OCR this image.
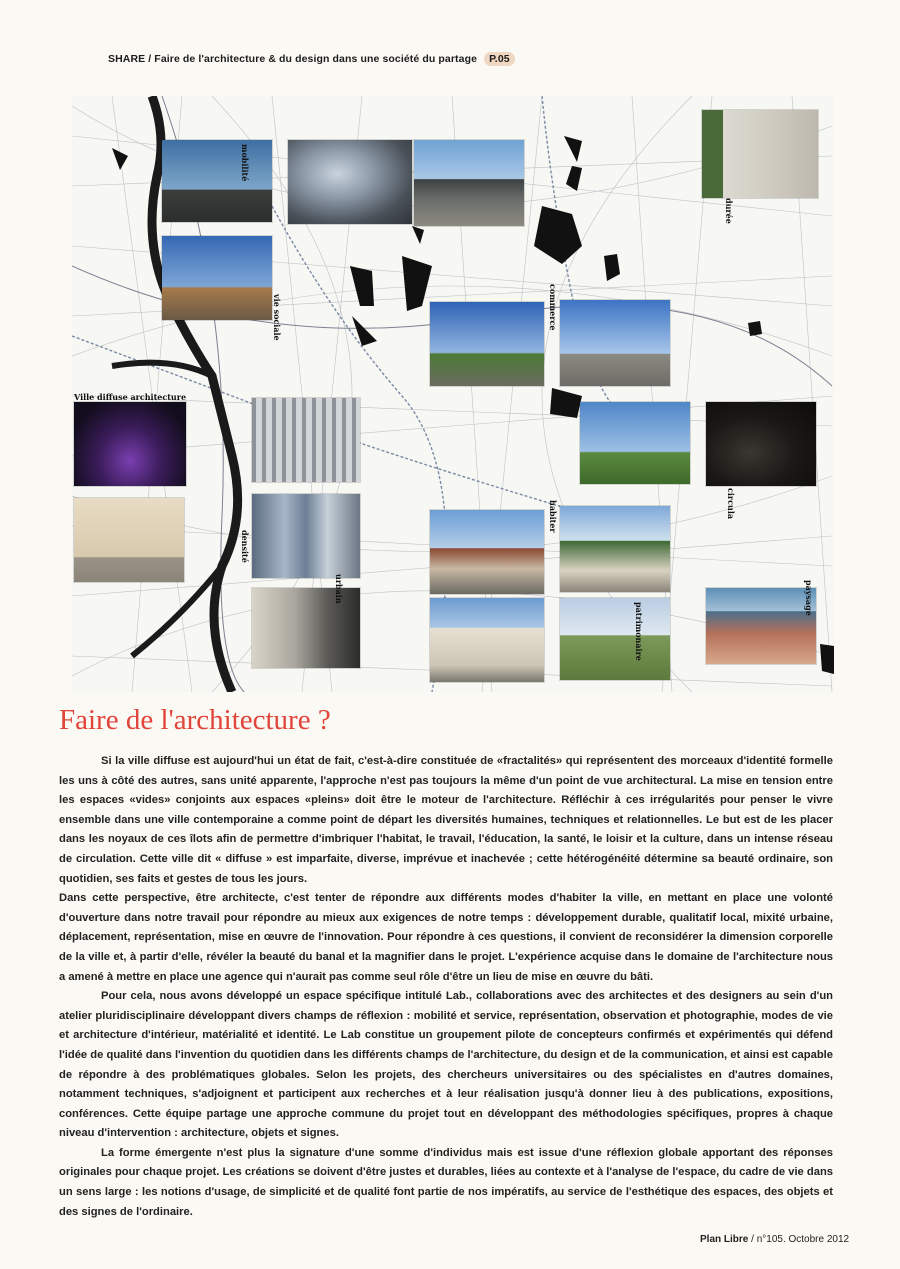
SHARE / Faire de l'architecture & du design dans une société du partage P.05
mobilité
durée
vie sociale	commerce
Ville diffuse architecture
densité
urbain
habiter	circula
patrimonaire
paysage
Faire de l'architecture ?

Si la ville diffuse est aujourd'hui un état de fait, c'est-à-dire constituée de «fractalités» qui représentent des morceaux d'identité formelle les uns à côté des autres, sans unité apparente, l'approche n'est pas toujours la même d'un point de vue architectural. La mise en tension entre les espaces «vides» conjoints aux espaces «pleins» doit être le moteur de l'architecture. Réfléchir à ces irrégularités pour penser le vivre ensemble dans une ville contemporaine a comme point de départ les diversités humaines, techniques et relationnelles. Le but est de les placer dans les noyaux de ces îlots afin de permettre d'imbriquer l'habitat, le travail, l'éducation, la santé, le loisir et la culture, dans un intense réseau de circulation. Cette ville dit « diffuse » est imparfaite, diverse, imprévue et inachevée ; cette hétérogénéité détermine sa beauté ordinaire, son quotidien, ses faits et gestes de tous les jours.

Dans cette perspective, être architecte, c'est tenter de répondre aux différents modes d'habiter la ville, en mettant en place une volonté d'ouverture dans notre travail pour répondre au mieux aux exigences de notre temps : développement durable, qualitatif local, mixité urbaine, déplacement, représentation, mise en œuvre de l'innovation. Pour répondre à ces questions, il convient de reconsidérer la dimension corporelle de la ville et, à partir d'elle, révéler la beauté du banal et la magnifier dans le projet. L'expérience acquise dans le domaine de l'architecture nous a amené à mettre en place une agence qui n'aurait pas comme seul rôle d'être un lieu de mise en œuvre du bâti.

Pour cela, nous avons développé un espace spécifique intitulé Lab., collaborations avec des architectes et des designers au sein d'un atelier pluridisciplinaire développant divers champs de réflexion : mobilité et service, représentation, observation et photographie, modes de vie et architecture d'intérieur, matérialité et identité. Le Lab constitue un groupement pilote de concepteurs confirmés et expérimentés qui défend l'idée de qualité dans l'invention du quotidien dans les différents champs de l'architecture, du design et de la communication, et ainsi est capable de répondre à des problématiques globales. Selon les projets, des chercheurs universitaires ou des spécialistes en d'autres domaines, notamment techniques, s'adjoignent et participent aux recherches et à leur réalisation jusqu'à donner lieu à des publications, expositions, conférences. Cette équipe partage une approche commune du projet tout en développant des méthodologies spécifiques, propres à chaque niveau d'intervention : architecture, objets et signes.

La forme émergente n'est plus la signature d'une somme d'individus mais est issue d'une réflexion globale apportant des réponses originales pour chaque projet. Les créations se doivent d'être justes et durables, liées au contexte et à l'analyse de l'espace, du cadre de vie dans un sens large : les notions d'usage, de simplicité et de qualité font partie de nos impératifs, au service de l'esthétique des espaces, des objets et des signes de l'ordinaire.

Plan Libre / n°105. Octobre 2012
